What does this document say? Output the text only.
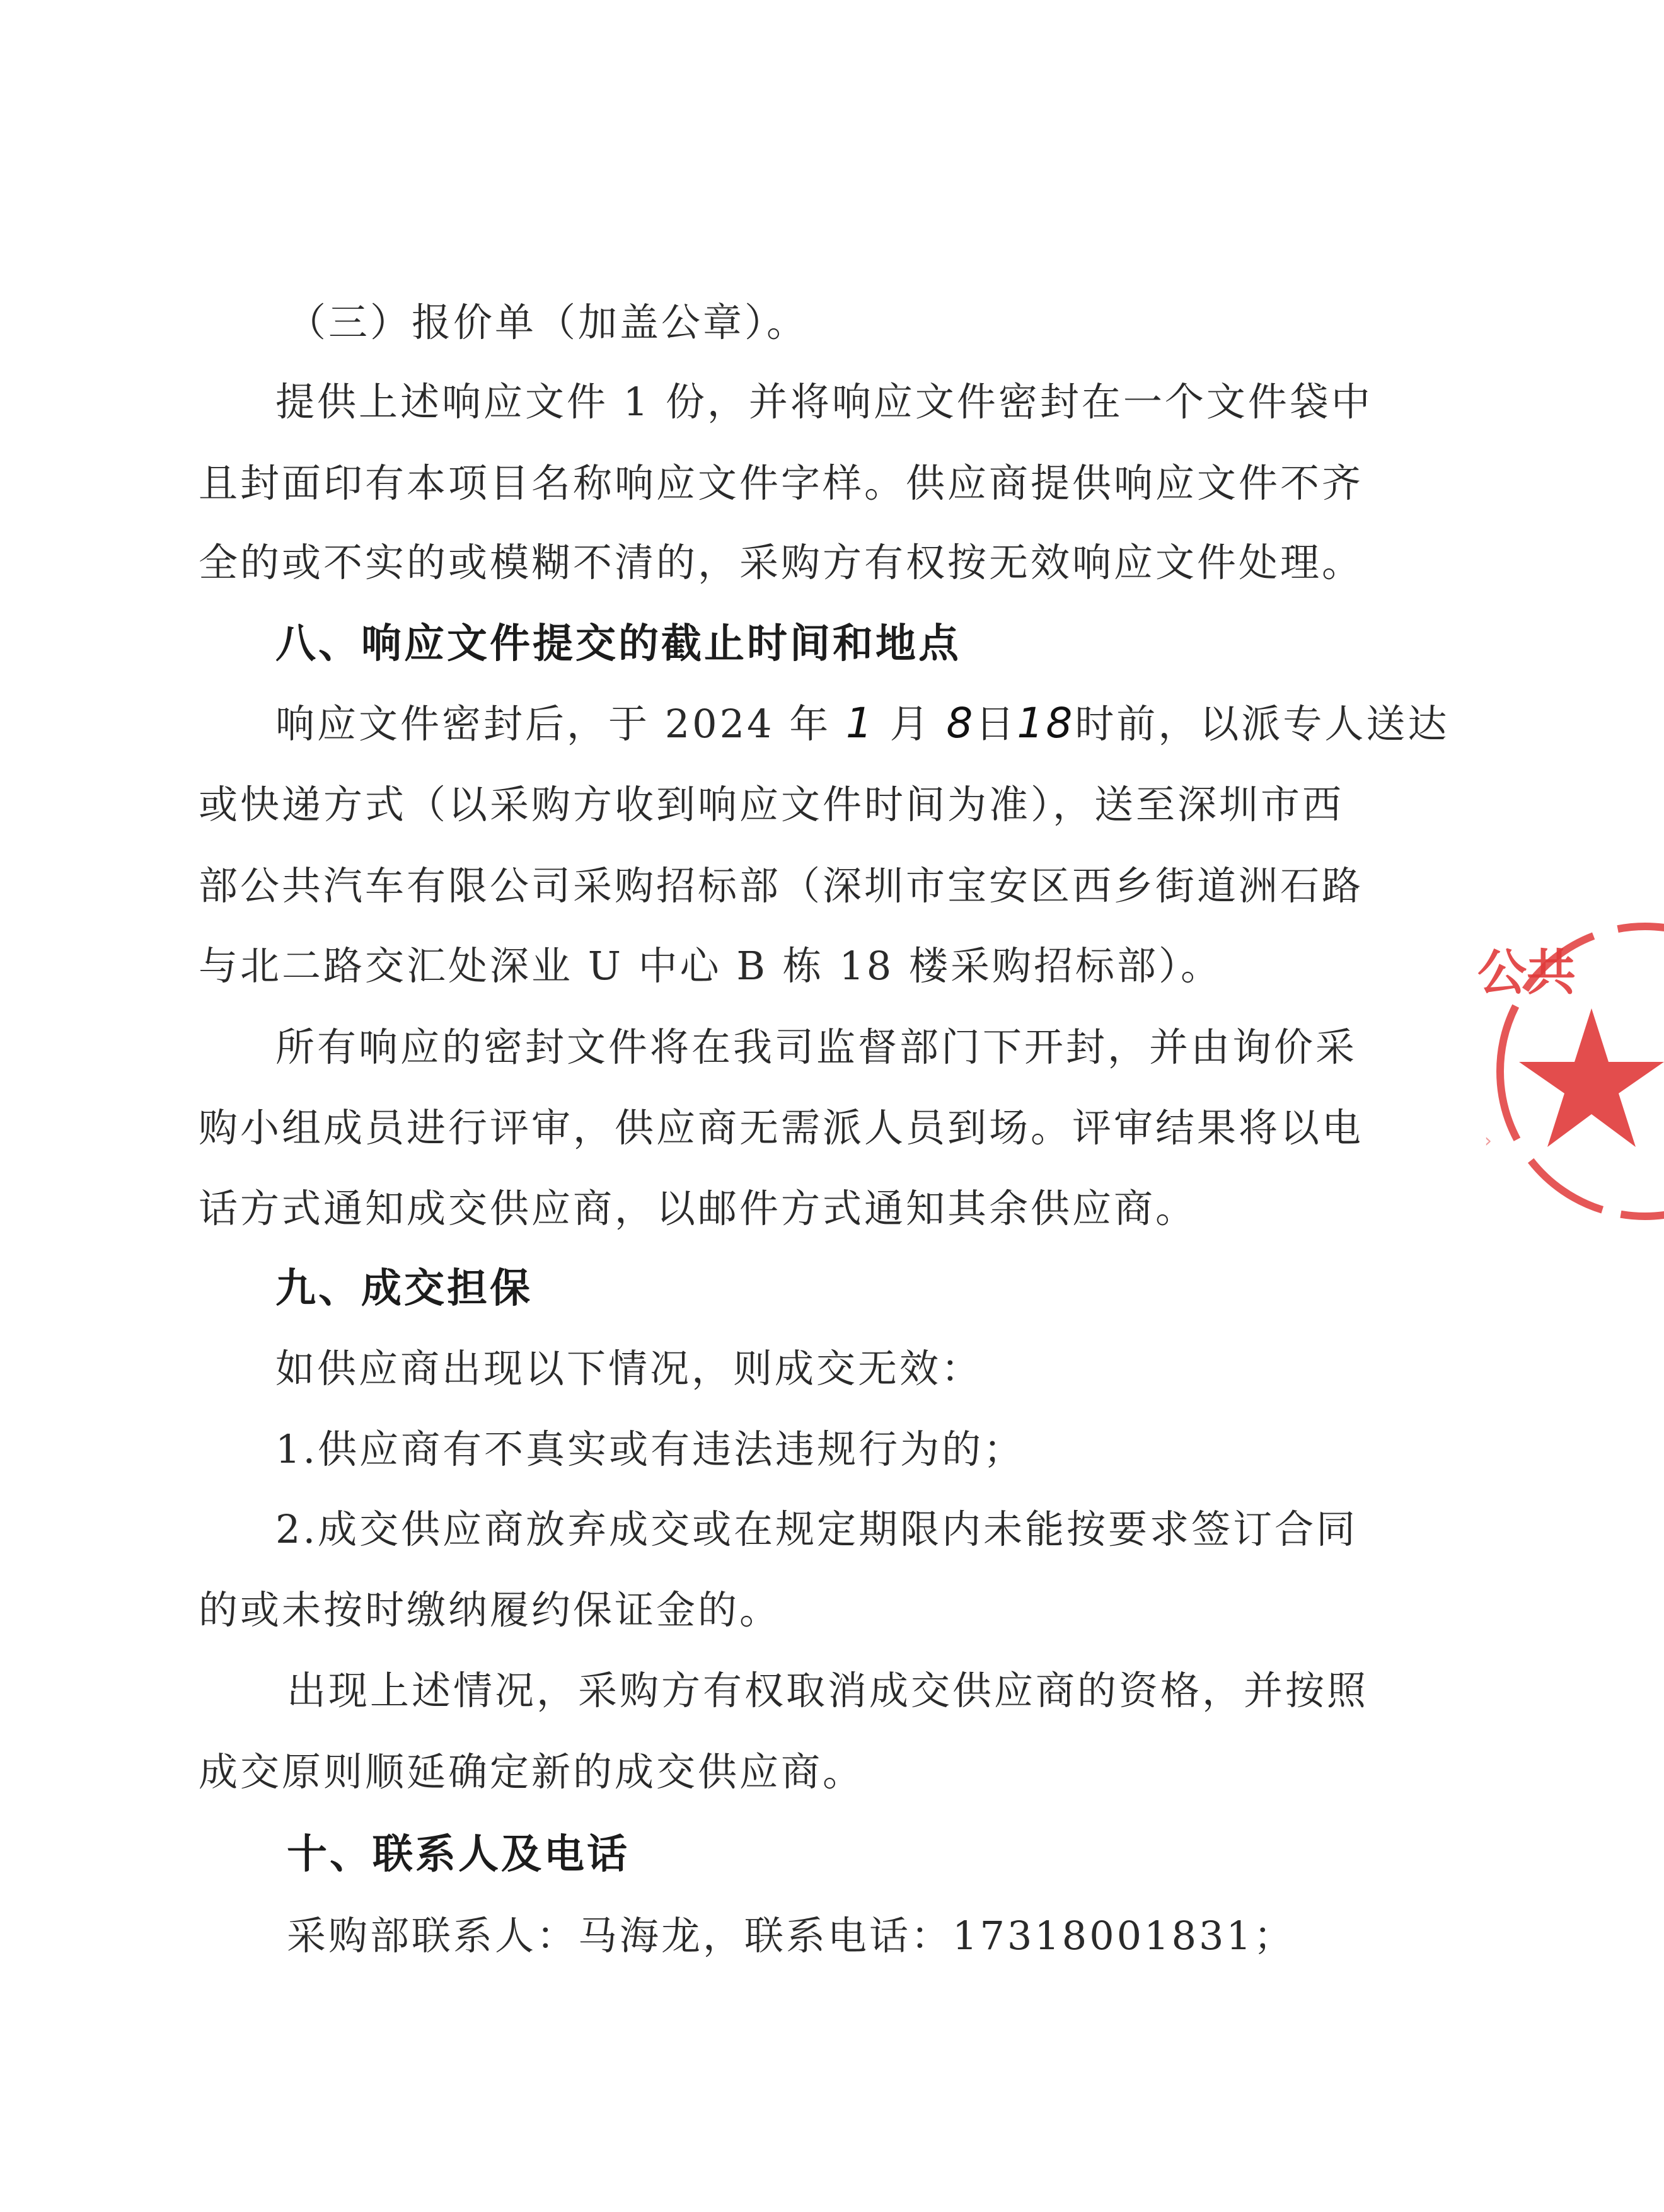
（三）报价单（加盖公章）。
提供上述响应文件 1 份，并将响应文件密封在一个文件袋中
且封面印有本项目名称响应文件字样。供应商提供响应文件不齐
全的或不实的或模糊不清的，采购方有权按无效响应文件处理。
八、响应文件提交的截止时间和地点
响应文件密封后，于 2024 年 1 月 8日18时前，以派专人送达
或快递方式（以采购方收到响应文件时间为准），送至深圳市西
部公共汽车有限公司采购招标部（深圳市宝安区西乡街道洲石路
与北二路交汇处深业 U 中心 B 栋 18 楼采购招标部）。
所有响应的密封文件将在我司监督部门下开封，并由询价采
购小组成员进行评审，供应商无需派人员到场。评审结果将以电
话方式通知成交供应商，以邮件方式通知其余供应商。
九、成交担保
如供应商出现以下情况，则成交无效：
1.供应商有不真实或有违法违规行为的；
2.成交供应商放弃成交或在规定期限内未能按要求签订合同
的或未按时缴纳履约保证金的。
出现上述情况，采购方有权取消成交供应商的资格，并按照
成交原则顺延确定新的成交供应商。
十、联系人及电话
采购部联系人：马海龙，联系电话：17318001831；
公共
›
